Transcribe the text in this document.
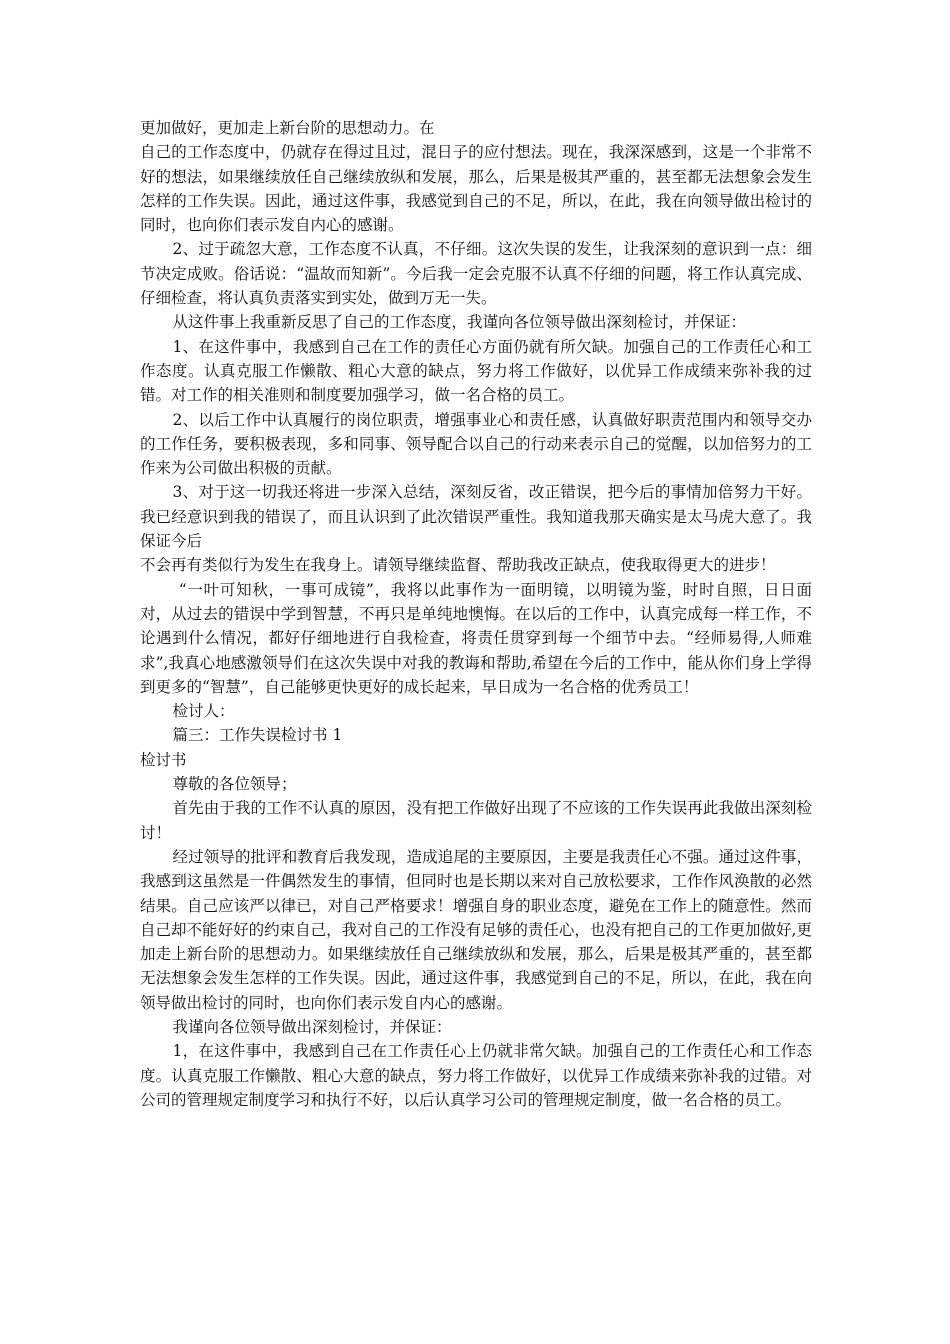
更加做好，更加走上新台阶的思想动力。在

自己的工作态度中，仍就存在得过且过，混日子的应付想法。现在，我深深感到，这是一个非常不好的想法，如果继续放任自己继续放纵和发展，那么，后果是极其严重的，甚至都无法想象会发生怎样的工作失误。因此，通过这件事，我感觉到自己的不足，所以，在此，我在向领导做出检讨的同时，也向你们表示发自内心的感谢。

2、过于疏忽大意，工作态度不认真，不仔细。这次失误的发生，让我深刻的意识到一点：细节决定成败。俗话说：“温故而知新”。今后我一定会克服不认真不仔细的问题，将工作认真完成、仔细检查，将认真负责落实到实处，做到万无一失。

从这件事上我重新反思了自己的工作态度，我谨向各位领导做出深刻检讨，并保证：

1、在这件事中，我感到自己在工作的责任心方面仍就有所欠缺。加强自己的工作责任心和工作态度。认真克服工作懒散、粗心大意的缺点，努力将工作做好，以优异工作成绩来弥补我的过错。对工作的相关准则和制度要加强学习，做一名合格的员工。

2、以后工作中认真履行的岗位职责，增强事业心和责任感，认真做好职责范围内和领导交办的工作任务，要积极表现，多和同事、领导配合以自己的行动来表示自己的觉醒，以加倍努力的工作来为公司做出积极的贡献。

3、对于这一切我还将进一步深入总结，深刻反省，改正错误，把今后的事情加倍努力干好。我已经意识到我的错误了，而且认识到了此次错误严重性。我知道我那天确实是太马虎大意了。我保证今后

不会再有类似行为发生在我身上。请领导继续监督、帮助我改正缺点，使我取得更大的进步！

“一叶可知秋，一事可成镜”，我将以此事作为一面明镜，以明镜为鉴，时时自照，日日面对，从过去的错误中学到智慧，不再只是单纯地懊悔。在以后的工作中，认真完成每一样工作，不论遇到什么情况，都好仔细地进行自我检查，将责任贯穿到每一个细节中去。“经师易得,人师难求”,我真心地感激领导们在这次失误中对我的教诲和帮助,希望在今后的工作中，能从你们身上学得到更多的“智慧”，自己能够更快更好的成长起来，早日成为一名合格的优秀员工！

检讨人：

篇三：工作失误检讨书 1

检讨书

尊敬的各位领导；

首先由于我的工作不认真的原因，没有把工作做好出现了不应该的工作失误再此我做出深刻检讨！

经过领导的批评和教育后我发现，造成追尾的主要原因，主要是我责任心不强。通过这件事，我感到这虽然是一件偶然发生的事情，但同时也是长期以来对自己放松要求，工作作风涣散的必然结果。自己应该严以律已，对自己严格要求！增强自身的职业态度，避免在工作上的随意性。然而自己却不能好好的约束自己，我对自己的工作没有足够的责任心，也没有把自己的工作更加做好,更加走上新台阶的思想动力。如果继续放任自己继续放纵和发展，那么，后果是极其严重的，甚至都无法想象会发生怎样的工作失误。因此，通过这件事，我感觉到自己的不足，所以，在此，我在向领导做出检讨的同时，也向你们表示发自内心的感谢。

我谨向各位领导做出深刻检讨，并保证：

1，在这件事中，我感到自己在工作责任心上仍就非常欠缺。加强自己的工作责任心和工作态度。认真克服工作懒散、粗心大意的缺点，努力将工作做好，以优异工作成绩来弥补我的过错。对公司的管理规定制度学习和执行不好，以后认真学习公司的管理规定制度，做一名合格的员工。
